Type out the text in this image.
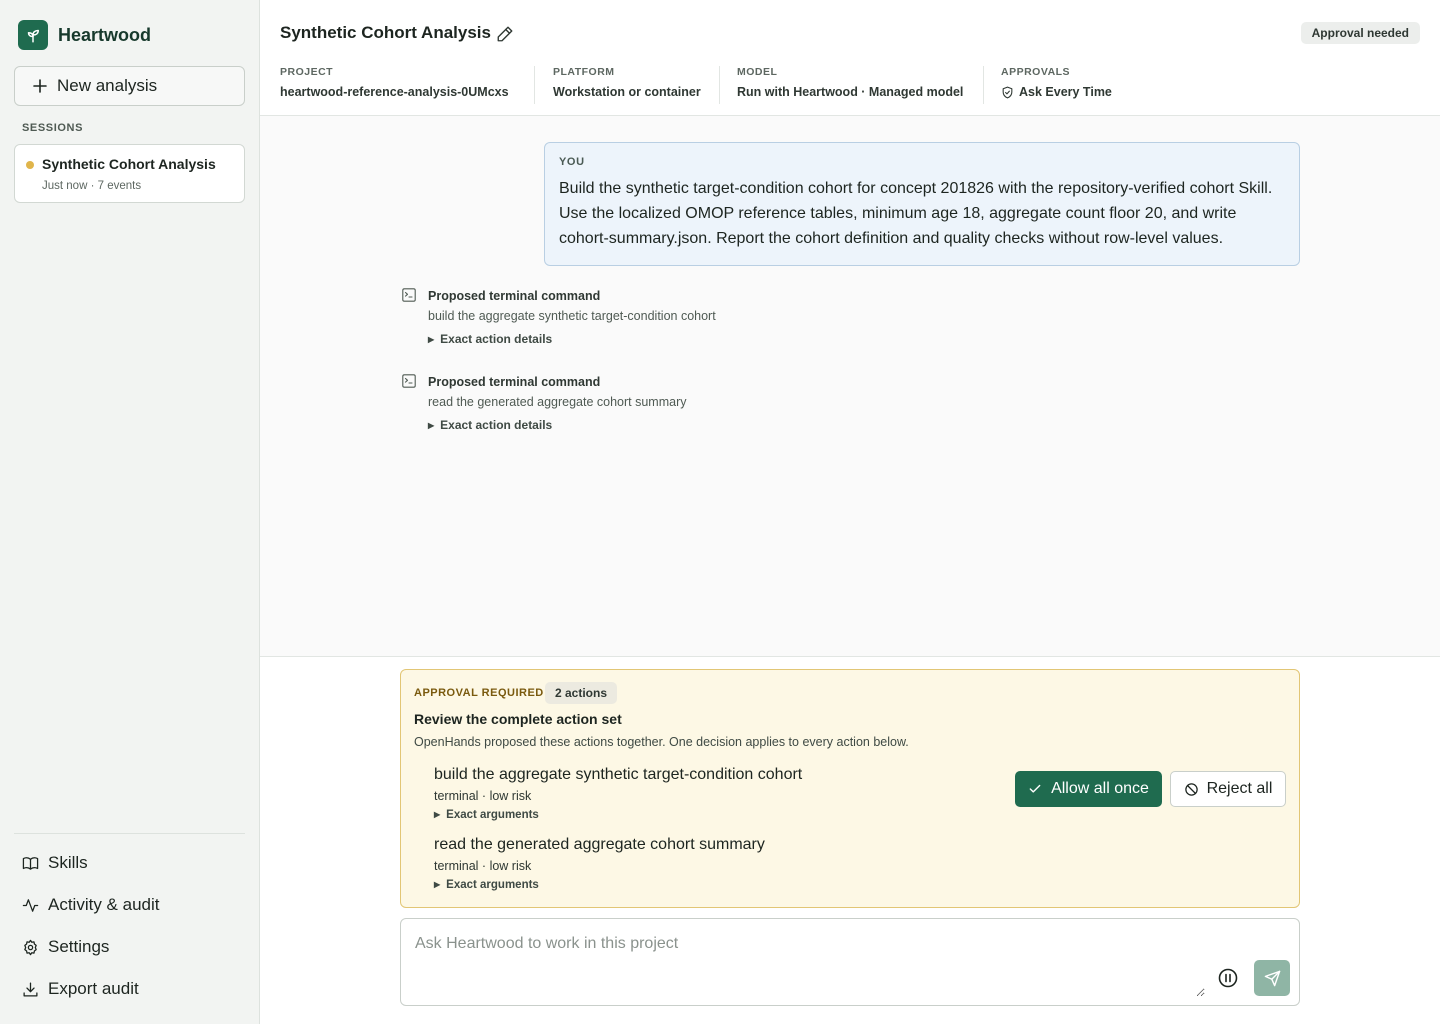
Heartwood
New analysis
SESSIONS
Synthetic Cohort Analysis
Just now · 7 events
Skills
Activity & audit
Settings
Export audit
Synthetic Cohort Analysis	Approval needed
PROJECT
heartwood-reference-analysis-0UMcxs
PLATFORM
Workstation or container
MODEL
Run with Heartwood · Managed model
APPROVALS
Ask Every Time
YOU
Build the synthetic target-condition cohort for concept 201826 with the repository-verified cohort Skill. Use the localized OMOP reference tables, minimum age 18, aggregate count floor 20, and write cohort-summary.json. Report the cohort definition and quality checks without row-level values.
Proposed terminal command
build the aggregate synthetic target-condition cohort
▶ Exact action details
Proposed terminal command
read the generated aggregate cohort summary
▶ Exact action details
APPROVAL REQUIRED 2 actions
Review the complete action set
OpenHands proposed these actions together. One decision applies to every action below.
build the aggregate synthetic target-condition cohort
terminal · low risk
▶ Exact arguments
read the generated aggregate cohort summary
terminal · low risk
▶ Exact arguments
Allow all once	Reject all
Ask Heartwood to work in this project
